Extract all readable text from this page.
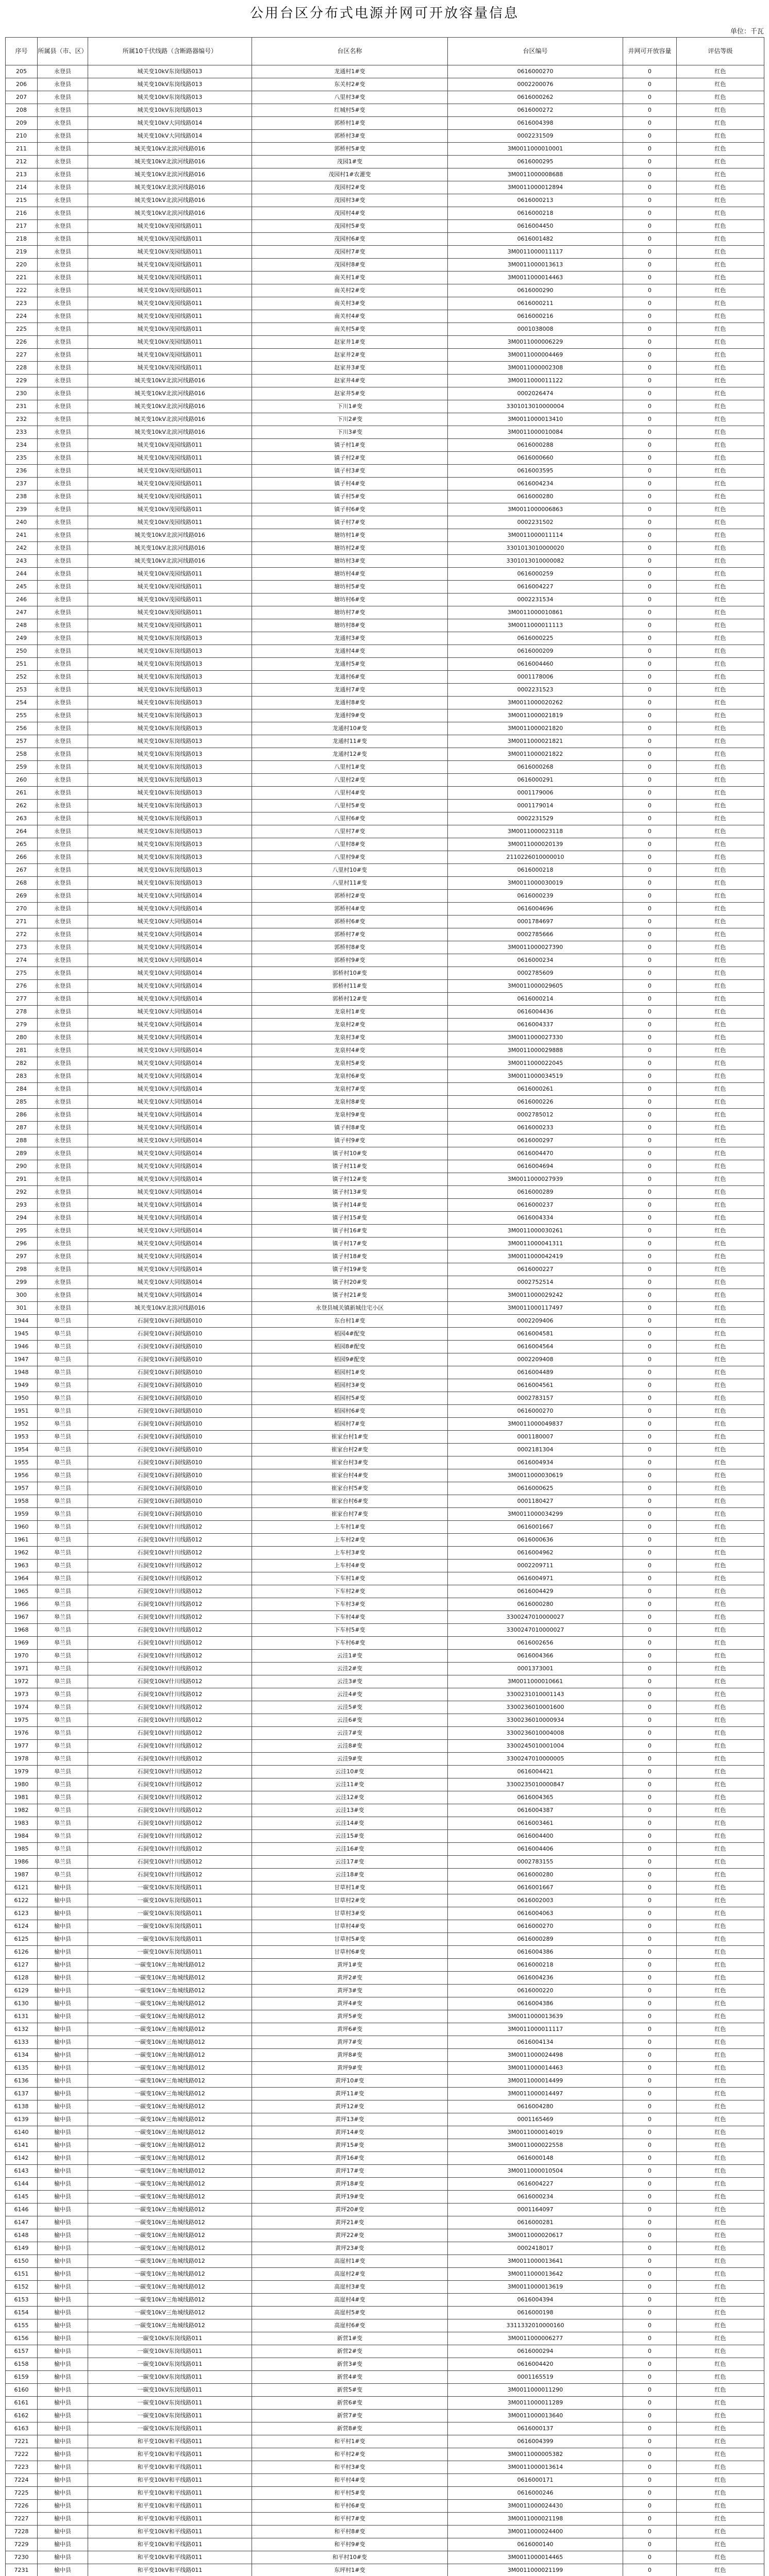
公用台区分布式电源并网可开放容量信息
单位：千瓦
序号	所属县（市、区）	所属10千伏线路（含断路器编号）	台区名称	台区编号	并网可开放容量	评估等级
205	永登县	城关变10kV东岗线路013	龙通村1#变	0616000270	0	红色
206	永登县	城关变10kV东岗线路013	东关村2#变	0002200076	0	红色
207	永登县	城关变10kV东岗线路013	八里村3#变	0616000262	0	红色
208	永登县	城关变10kV东岗线路013	红城村5#变	0616000272	0	红色
209	永登县	城关变10kV大同线路014	郭桥村1#变	0616004398	0	红色
210	永登县	城关变10kV大同线路014	郭桥村3#变	0002231509	0	红色
211	永登县	城关变10kV北滨河线路016	郭桥村5#变	3M0011000010001	0	红色
212	永登县	城关变10kV北滨河线路016	茂园1#变	0616000295	0	红色
213	永登县	城关变10kV北滨河线路016	茂园村1#农灌变	3M0011000008688	0	红色
214	永登县	城关变10kV北滨河线路016	茂园村2#变	3M0011000012894	0	红色
215	永登县	城关变10kV北滨河线路016	茂园村3#变	0616000213	0	红色
216	永登县	城关变10kV北滨河线路016	茂园村4#变	0616000218	0	红色
217	永登县	城关变10kV茂园线路011	茂园村5#变	0616004450	0	红色
218	永登县	城关变10kV茂园线路011	茂园村6#变	0616001482	0	红色
219	永登县	城关变10kV茂园线路011	茂园村7#变	3M0011000011117	0	红色
220	永登县	城关变10kV茂园线路011	茂园村8#变	3M0011000013613	0	红色
221	永登县	城关变10kV茂园线路011	南关村1#变	3M0011000014463	0	红色
222	永登县	城关变10kV茂园线路011	南关村2#变	0616000290	0	红色
223	永登县	城关变10kV茂园线路011	南关村3#变	0616000211	0	红色
224	永登县	城关变10kV茂园线路011	南关村4#变	0616000216	0	红色
225	永登县	城关变10kV茂园线路011	南关村5#变	0001038008	0	红色
226	永登县	城关变10kV茂园线路011	赵家井1#变	3M0011000006229	0	红色
227	永登县	城关变10kV茂园线路011	赵家井2#变	3M0011000004469	0	红色
228	永登县	城关变10kV茂园线路011	赵家井3#变	3M0011000002308	0	红色
229	永登县	城关变10kV北滨河线路016	赵家井4#变	3M0011000011122	0	红色
230	永登县	城关变10kV北滨河线路016	赵家井5#变	0002026474	0	红色
231	永登县	城关变10kV北滨河线路016	下川1#变	3301013010000004	0	红色
232	永登县	城关变10kV北滨河线路016	下川2#变	3M0011000013410	0	红色
233	永登县	城关变10kV北滨河线路016	下川3#变	3M0011000010084	0	红色
234	永登县	城关变10kV茂园线路011	镇子村1#变	0616000288	0	红色
235	永登县	城关变10kV茂园线路011	镇子村2#变	0616000660	0	红色
236	永登县	城关变10kV茂园线路011	镇子村3#变	0616003595	0	红色
237	永登县	城关变10kV茂园线路011	镇子村4#变	0616004234	0	红色
238	永登县	城关变10kV茂园线路011	镇子村5#变	0616000280	0	红色
239	永登县	城关变10kV茂园线路011	镇子村6#变	3M0011000006863	0	红色
240	永登县	城关变10kV茂园线路011	镇子村7#变	0002231502	0	红色
241	永登县	城关变10kV北滨河线路016	塘坊村1#变	3M0011000011114	0	红色
242	永登县	城关变10kV北滨河线路016	塘坊村2#变	3301013010000020	0	红色
243	永登县	城关变10kV北滨河线路016	塘坊村3#变	3301013010000082	0	红色
244	永登县	城关变10kV茂园线路011	塘坊村4#变	0616000259	0	红色
245	永登县	城关变10kV茂园线路011	塘坊村5#变	0616004227	0	红色
246	永登县	城关变10kV茂园线路011	塘坊村6#变	0002231534	0	红色
247	永登县	城关变10kV茂园线路011	塘坊村7#变	3M0011000010861	0	红色
248	永登县	城关变10kV茂园线路011	塘坊村8#变	3M0011000011113	0	红色
249	永登县	城关变10kV东岗线路013	龙通村3#变	0616000225	0	红色
250	永登县	城关变10kV东岗线路013	龙通村4#变	0616000209	0	红色
251	永登县	城关变10kV东岗线路013	龙通村5#变	0616004460	0	红色
252	永登县	城关变10kV东岗线路013	龙通村6#变	0001178006	0	红色
253	永登县	城关变10kV东岗线路013	龙通村7#变	0002231523	0	红色
254	永登县	城关变10kV东岗线路013	龙通村8#变	3M0011000020262	0	红色
255	永登县	城关变10kV东岗线路013	龙通村9#变	3M0011000021819	0	红色
256	永登县	城关变10kV东岗线路013	龙通村10#变	3M0011000021820	0	红色
257	永登县	城关变10kV东岗线路013	龙通村11#变	3M0011000021821	0	红色
258	永登县	城关变10kV东岗线路013	龙通村12#变	3M0011000021822	0	红色
259	永登县	城关变10kV东岗线路013	八里村1#变	0616000268	0	红色
260	永登县	城关变10kV东岗线路013	八里村2#变	0616000291	0	红色
261	永登县	城关变10kV东岗线路013	八里村4#变	0001179006	0	红色
262	永登县	城关变10kV东岗线路013	八里村5#变	0001179014	0	红色
263	永登县	城关变10kV东岗线路013	八里村6#变	0002231529	0	红色
264	永登县	城关变10kV东岗线路013	八里村7#变	3M0011000023118	0	红色
265	永登县	城关变10kV东岗线路013	八里村8#变	3M0011000020139	0	红色
266	永登县	城关变10kV东岗线路013	八里村9#变	2110226010000010	0	红色
267	永登县	城关变10kV东岗线路013	八里村10#变	0616000218	0	红色
268	永登县	城关变10kV东岗线路013	八里村11#变	3M0011000030019	0	红色
269	永登县	城关变10kV大同线路014	郭桥村2#变	0616000239	0	红色
270	永登县	城关变10kV大同线路014	郭桥村4#变	0616004696	0	红色
271	永登县	城关变10kV大同线路014	郭桥村6#变	0001784697	0	红色
272	永登县	城关变10kV大同线路014	郭桥村7#变	0002785666	0	红色
273	永登县	城关变10kV大同线路014	郭桥村8#变	3M0011000027390	0	红色
274	永登县	城关变10kV大同线路014	郭桥村9#变	0616000234	0	红色
275	永登县	城关变10kV大同线路014	郭桥村10#变	0002785609	0	红色
276	永登县	城关变10kV大同线路014	郭桥村11#变	3M0011000029605	0	红色
277	永登县	城关变10kV大同线路014	郭桥村12#变	0616000214	0	红色
278	永登县	城关变10kV大同线路014	龙泉村1#变	0616004436	0	红色
279	永登县	城关变10kV大同线路014	龙泉村2#变	0616004337	0	红色
280	永登县	城关变10kV大同线路014	龙泉村3#变	3M0011000027330	0	红色
281	永登县	城关变10kV大同线路014	龙泉村4#变	3M0011000029888	0	红色
282	永登县	城关变10kV大同线路014	龙泉村5#变	3M0011000022045	0	红色
283	永登县	城关变10kV大同线路014	龙泉村6#变	3M0011000034519	0	红色
284	永登县	城关变10kV大同线路014	龙泉村7#变	0616000261	0	红色
285	永登县	城关变10kV大同线路014	龙泉村8#变	0616000226	0	红色
286	永登县	城关变10kV大同线路014	龙泉村9#变	0002785012	0	红色
287	永登县	城关变10kV大同线路014	镇子村8#变	0616000233	0	红色
288	永登县	城关变10kV大同线路014	镇子村9#变	0616000297	0	红色
289	永登县	城关变10kV大同线路014	镇子村10#变	0616004470	0	红色
290	永登县	城关变10kV大同线路014	镇子村11#变	0616004694	0	红色
291	永登县	城关变10kV大同线路014	镇子村12#变	3M0011000027939	0	红色
292	永登县	城关变10kV大同线路014	镇子村13#变	0616000289	0	红色
293	永登县	城关变10kV大同线路014	镇子村14#变	0616000237	0	红色
294	永登县	城关变10kV大同线路014	镇子村15#变	0616004334	0	红色
295	永登县	城关变10kV大同线路014	镇子村16#变	3M0011000030261	0	红色
296	永登县	城关变10kV大同线路014	镇子村17#变	3M0011000041311	0	红色
297	永登县	城关变10kV大同线路014	镇子村18#变	3M0011000042419	0	红色
298	永登县	城关变10kV大同线路014	镇子村19#变	0616000227	0	红色
299	永登县	城关变10kV大同线路014	镇子村20#变	0002752514	0	红色
300	永登县	城关变10kV大同线路014	镇子村21#变	3M0011000029242	0	红色
301	永登县	城关变10kV北滨河线路016	永登县城关镇新城住宅小区	3M0011000117497	0	红色
1944	皋兰县	石洞变10kV石洞线路010	东台村1#变	0002209406	0	红色
1945	皋兰县	石洞变10kV石洞线路010	稻园4#配变	0616004581	0	红色
1946	皋兰县	石洞变10kV石洞线路010	稻园8#配变	0616004564	0	红色
1947	皋兰县	石洞变10kV石洞线路010	稻园9#配变	0002209408	0	红色
1948	皋兰县	石洞变10kV石洞线路010	稻园村1#变	0616004489	0	红色
1949	皋兰县	石洞变10kV石洞线路010	稻园村3#变	0616004561	0	红色
1950	皋兰县	石洞变10kV石洞线路010	稻园村5#变	0002783157	0	红色
1951	皋兰县	石洞变10kV石洞线路010	稻园村6#变	0616000270	0	红色
1952	皋兰县	石洞变10kV石洞线路010	稻园村7#变	3M0011000049837	0	红色
1953	皋兰县	石洞变10kV石洞线路010	崔家台村1#变	0001180007	0	红色
1954	皋兰县	石洞变10kV石洞线路010	崔家台村2#变	0002181304	0	红色
1955	皋兰县	石洞变10kV石洞线路010	崔家台村3#变	0616004934	0	红色
1956	皋兰县	石洞变10kV石洞线路010	崔家台村4#变	3M0011000030619	0	红色
1957	皋兰县	石洞变10kV石洞线路010	崔家台村5#变	0616000625	0	红色
1958	皋兰县	石洞变10kV石洞线路010	崔家台村6#变	0001180427	0	红色
1959	皋兰县	石洞变10kV石洞线路010	崔家台村7#变	3M0011000034299	0	红色
1960	皋兰县	石洞变10kV什川线路012	上车村1#变	0616001667	0	红色
1961	皋兰县	石洞变10kV什川线路012	上车村2#变	0616000636	0	红色
1962	皋兰县	石洞变10kV什川线路012	上车村3#变	0616004962	0	红色
1963	皋兰县	石洞变10kV什川线路012	上车村4#变	0002209711	0	红色
1964	皋兰县	石洞变10kV什川线路012	下车村1#变	0616004971	0	红色
1965	皋兰县	石洞变10kV什川线路012	下车村2#变	0616004429	0	红色
1966	皋兰县	石洞变10kV什川线路012	下车村3#变	0616000280	0	红色
1967	皋兰县	石洞变10kV什川线路012	下车村4#变	3300247010000027	0	红色
1968	皋兰县	石洞变10kV什川线路012	下车村5#变	3300247010000027	0	红色
1969	皋兰县	石洞变10kV什川线路012	下车村6#变	0616002656	0	红色
1970	皋兰县	石洞变10kV什川线路012	云洼1#变	0616004366	0	红色
1971	皋兰县	石洞变10kV什川线路012	云洼2#变	0001373001	0	红色
1972	皋兰县	石洞变10kV什川线路012	云洼3#变	3M0011000010661	0	红色
1973	皋兰县	石洞变10kV什川线路012	云洼4#变	3300231010001143	0	红色
1974	皋兰县	石洞变10kV什川线路012	云洼5#变	3300236010001600	0	红色
1975	皋兰县	石洞变10kV什川线路012	云洼6#变	3300236010000934	0	红色
1976	皋兰县	石洞变10kV什川线路012	云洼7#变	3300236010004008	0	红色
1977	皋兰县	石洞变10kV什川线路012	云洼8#变	3300245010001004	0	红色
1978	皋兰县	石洞变10kV什川线路012	云洼9#变	3300247010000005	0	红色
1979	皋兰县	石洞变10kV什川线路012	云洼10#变	0616004421	0	红色
1980	皋兰县	石洞变10kV什川线路012	云洼11#变	3300235010000847	0	红色
1981	皋兰县	石洞变10kV什川线路012	云洼12#变	0616004365	0	红色
1982	皋兰县	石洞变10kV什川线路012	云洼13#变	0616004387	0	红色
1983	皋兰县	石洞变10kV什川线路012	云洼14#变	0616003461	0	红色
1984	皋兰县	石洞变10kV什川线路012	云洼15#变	0616004400	0	红色
1985	皋兰县	石洞变10kV什川线路012	云洼16#变	0616004406	0	红色
1986	皋兰县	石洞变10kV什川线路012	云洼17#变	0002783155	0	红色
1987	皋兰县	石洞变10kV什川线路012	云洼18#变	0616000280	0	红色
6121	榆中县	一碳变10kV东岗线路011	甘草村1#变	0616001667	0	红色
6122	榆中县	一碳变10kV东岗线路011	甘草村2#变	0616002003	0	红色
6123	榆中县	一碳变10kV东岗线路011	甘草村3#变	0616004063	0	红色
6124	榆中县	一碳变10kV东岗线路011	甘草村4#变	0616000270	0	红色
6125	榆中县	一碳变10kV东岗线路011	甘草村5#变	0616000289	0	红色
6126	榆中县	一碳变10kV东岗线路011	甘草村6#变	0616004386	0	红色
6127	榆中县	一碳变10kV三角城线路012	黄坪1#变	0616000218	0	红色
6128	榆中县	一碳变10kV三角城线路012	黄坪2#变	0616004236	0	红色
6129	榆中县	一碳变10kV三角城线路012	黄坪3#变	0616000220	0	红色
6130	榆中县	一碳变10kV三角城线路012	黄坪4#变	0616004386	0	红色
6131	榆中县	一碳变10kV三角城线路012	黄坪5#变	3M0011000013639	0	红色
6132	榆中县	一碳变10kV三角城线路012	黄坪6#变	3M0011000011117	0	红色
6133	榆中县	一碳变10kV三角城线路012	黄坪7#变	0616004134	0	红色
6134	榆中县	一碳变10kV三角城线路012	黄坪8#变	3M0011000024498	0	红色
6135	榆中县	一碳变10kV三角城线路012	黄坪9#变	3M0011000014463	0	红色
6136	榆中县	一碳变10kV三角城线路012	黄坪10#变	3M0011000014499	0	红色
6137	榆中县	一碳变10kV三角城线路012	黄坪11#变	3M0011000014497	0	红色
6138	榆中县	一碳变10kV三角城线路012	黄坪12#变	0616004280	0	红色
6139	榆中县	一碳变10kV三角城线路012	黄坪13#变	0001165469	0	红色
6140	榆中县	一碳变10kV三角城线路012	黄坪14#变	3M0011000014019	0	红色
6141	榆中县	一碳变10kV三角城线路012	黄坪15#变	3M0011000022558	0	红色
6142	榆中县	一碳变10kV三角城线路012	黄坪16#变	0616000148	0	红色
6143	榆中县	一碳变10kV三角城线路012	黄坪17#变	3M0011000010504	0	红色
6144	榆中县	一碳变10kV三角城线路012	黄坪18#变	0616004227	0	红色
6145	榆中县	一碳变10kV三角城线路012	黄坪19#变	0616000234	0	红色
6146	榆中县	一碳变10kV三角城线路012	黄坪20#变	0001164097	0	红色
6147	榆中县	一碳变10kV三角城线路012	黄坪21#变	0616000281	0	红色
6148	榆中县	一碳变10kV三角城线路012	黄坪22#变	3M0011000020617	0	红色
6149	榆中县	一碳变10kV三角城线路012	黄坪23#变	0002418017	0	红色
6150	榆中县	一碳变10kV三角城线路012	高崖村1#变	3M0011000013641	0	红色
6151	榆中县	一碳变10kV三角城线路012	高崖村2#变	3M0011000013642	0	红色
6152	榆中县	一碳变10kV三角城线路012	高崖村3#变	3M0011000013619	0	红色
6153	榆中县	一碳变10kV三角城线路012	高崖村4#变	0616004394	0	红色
6154	榆中县	一碳变10kV三角城线路012	高崖村5#变	0616000198	0	红色
6155	榆中县	一碳变10kV三角城线路012	高崖村6#变	3311332010000160	0	红色
6156	榆中县	一碳变10kV东岗线路011	新营1#变	3M0011000006277	0	红色
6157	榆中县	一碳变10kV东岗线路011	新营2#变	0616000294	0	红色
6158	榆中县	一碳变10kV东岗线路011	新营3#变	0616004420	0	红色
6159	榆中县	一碳变10kV东岗线路011	新营4#变	0001165519	0	红色
6160	榆中县	一碳变10kV东岗线路011	新营5#变	3M0011000011290	0	红色
6161	榆中县	一碳变10kV东岗线路011	新营6#变	3M0011000011289	0	红色
6162	榆中县	一碳变10kV东岗线路011	新营7#变	3M0011000013640	0	红色
6163	榆中县	一碳变10kV东岗线路011	新营8#变	0616000137	0	红色
7221	榆中县	和平变10kV和平线路011	和平村1#变	0616004399	0	红色
7222	榆中县	和平变10kV和平线路011	和平村2#变	3M0011000005382	0	红色
7223	榆中县	和平变10kV和平线路011	和平村3#变	3M0011000013614	0	红色
7224	榆中县	和平变10kV和平线路011	和平村4#变	0616000171	0	红色
7225	榆中县	和平变10kV和平线路011	和平村5#变	0616000246	0	红色
7226	榆中县	和平变10kV和平线路011	和平村6#变	3M0011000024430	0	红色
7227	榆中县	和平变10kV和平线路011	和平村7#变	3M0011000021198	0	红色
7228	榆中县	和平变10kV和平线路011	和平村8#变	3M0011000024400	0	红色
7229	榆中县	和平变10kV和平线路011	和平村9#变	0616000140	0	红色
7230	榆中县	和平变10kV和平线路011	和平村10#变	3M0011000014465	0	红色
7231	榆中县	和平变10kV和平线路011	东坪村1#变	3M0011000021199	0	红色
